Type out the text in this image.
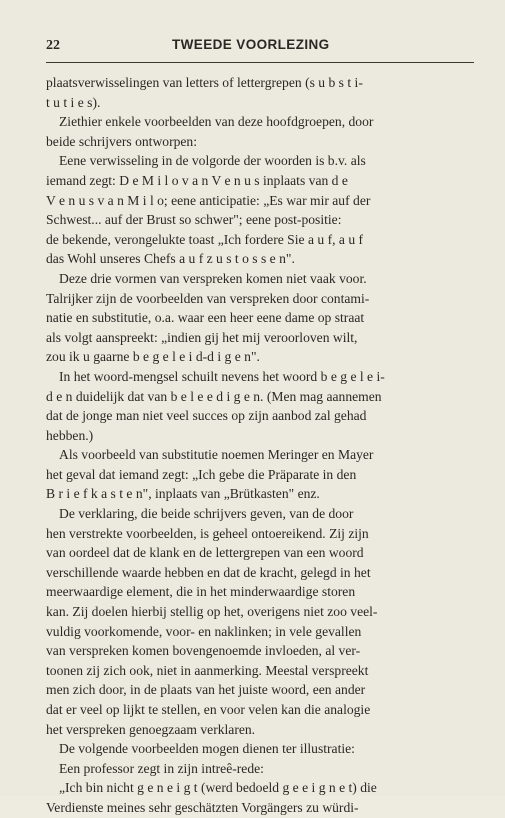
22	TWEEDE VOORLEZING
plaatsverwisselingen van letters of lettergrepen (s u b s t i-
t u t i e s).
Ziethier enkele voorbeelden van deze hoofdgroepen, door
beide schrijvers ontworpen:
Eene verwisseling in de volgorde der woorden is b.v. als
iemand zegt: D e M i l o v a n V e n u s inplaats van d e
V e n u s v a n M i l o; eene anticipatie: „Es war mir auf der
Schwest... auf der Brust so schwer"; eene post-positie:
de bekende, verongelukte toast „Ich fordere Sie a u f, a u f
das Wohl unseres Chefs a u f z u s t o s s e n".
Deze drie vormen van verspreken komen niet vaak voor.
Talrijker zijn de voorbeelden van verspreken door contami-
natie en substitutie, o.a. waar een heer eene dame op straat
als volgt aanspreekt: „indien gij het mij veroorloven wilt,
zou ik u gaarne b e g e l e i d-d i g e n".
In het woord-mengsel schuilt nevens het woord b e g e l e i-
d e n duidelijk dat van b e l e e d i g e n. (Men mag aannemen
dat de jonge man niet veel succes op zijn aanbod zal gehad
hebben.)
Als voorbeeld van substitutie noemen Meringer en Mayer
het geval dat iemand zegt: „Ich gebe die Präparate in den
B r i e f k a s t e n", inplaats van „Brütkasten" enz.
De verklaring, die beide schrijvers geven, van de door
hen verstrekte voorbeelden, is geheel ontoereikend. Zij zijn
van oordeel dat de klank en de lettergrepen van een woord
verschillende waarde hebben en dat de kracht, gelegd in het
meerwaardige element, die in het minderwaardige storen
kan. Zij doelen hierbij stellig op het, overigens niet zoo veel-
vuldig voorkomende, voor- en naklinken; in vele gevallen
van verspreken komen bovengenoemde invloeden, al ver-
toonen zij zich ook, niet in aanmerking. Meestal verspreekt
men zich door, in de plaats van het juiste woord, een ander
dat er veel op lijkt te stellen, en voor velen kan die analogie
het verspreken genoegzaam verklaren.
De volgende voorbeelden mogen dienen ter illustratie:
Een professor zegt in zijn intreê-rede:
„Ich bin nicht g e n e i g t (werd bedoeld g e e i g n e t) die
Verdienste meines sehr geschätzten Vorgängers zu würdi-
